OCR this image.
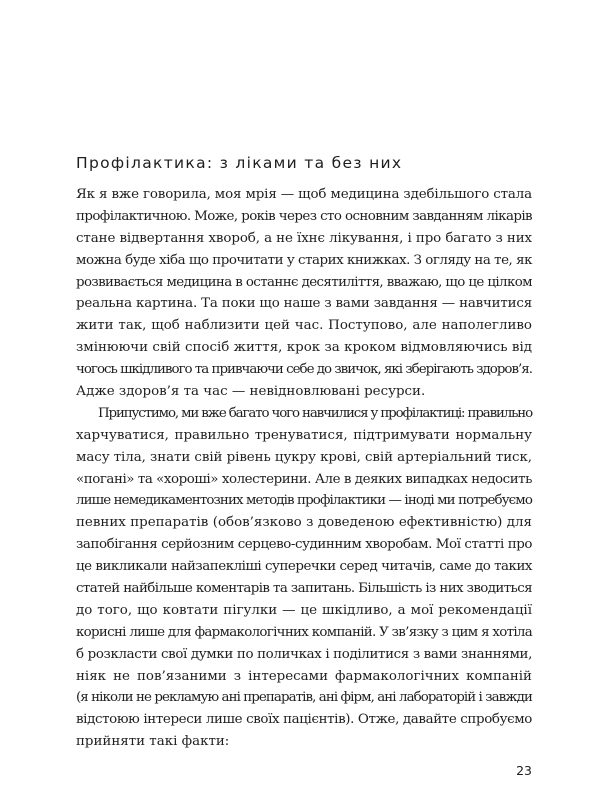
Профілактика: з ліками та без них
Як я вже говорила, моя мрія — щоб медицина здебільшого стала
профілактичною. Може, років через сто основним завданням лікарів
стане відвертання хвороб, а не їхнє лікування, і про багато з них
можна буде хіба що прочитати у старих книжках. З огляду на те, як
розвивається медицина в останнє десятиліття, вважаю, що це цілком
реальна картина. Та поки що наше з вами завдання — навчитися
жити так, щоб наблизити цей час. Поступово, але наполегливо
змінюючи свій спосіб життя, крок за кроком відмовляючись від
чогось шкідливого та привчаючи себе до звичок, які зберігають здоров’я.
Адже здоров’я та час — невідновлювані ресурси.
Припустимо, ми вже багато чого навчилися у профілактиці: правильно
харчуватися, правильно тренуватися, підтримувати нормальну
масу тіла, знати свій рівень цукру крові, свій артеріальний тиск,
«погані» та «хороші» холестерини. Але в деяких випадках недосить
лише немедикаментозних методів профілактики — іноді ми потребуємо
певних препаратів (обов’язково з доведеною ефективністю) для
запобігання серйозним серцево-судинним хворобам. Мої статті про
це викликали найзапекліші суперечки серед читачів, саме до таких
статей найбільше коментарів та запитань. Більшість із них зводиться
до того, що ковтати пігулки — це шкідливо, а мої рекомендації
корисні лише для фармакологічних компаній. У зв’язку з цим я хотіла
б розкласти свої думки по поличках і поділитися з вами знаннями,
ніяк не пов’язаними з інтересами фармакологічних компаній
(я ніколи не рекламую ані препаратів, ані фірм, ані лабораторій і завжди
відстоюю інтереси лише своїх пацієнтів). Отже, давайте спробуємо
прийняти такі факти:

23
